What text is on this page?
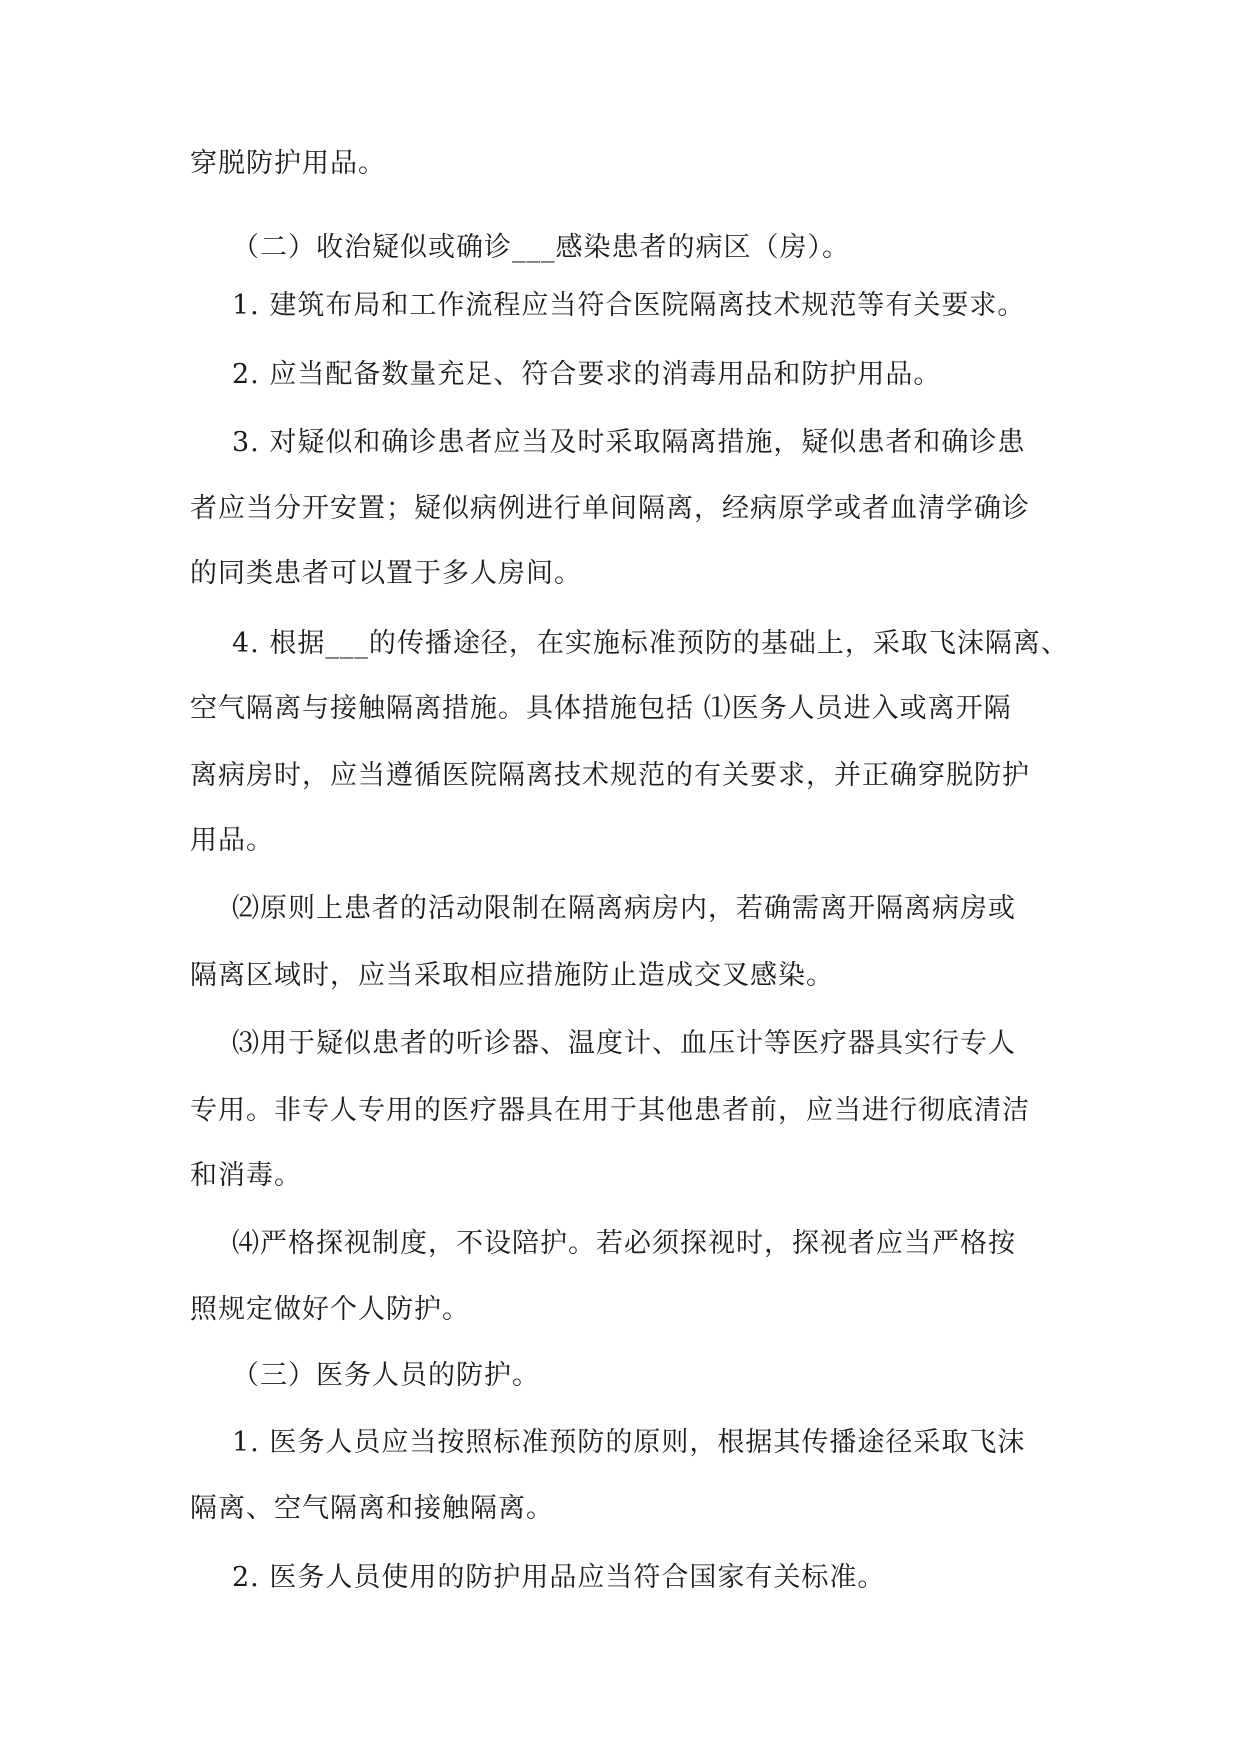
穿脱防护用品。
（二）收治疑似或确诊___感染患者的病区（房）。
1. 建筑布局和工作流程应当符合医院隔离技术规范等有关要求。
2. 应当配备数量充足、符合要求的消毒用品和防护用品。
3. 对疑似和确诊患者应当及时采取隔离措施，疑似患者和确诊患
者应当分开安置；疑似病例进行单间隔离，经病原学或者血清学确诊
的同类患者可以置于多人房间。
4. 根据___的传播途径，在实施标准预防的基础上，采取飞沫隔离、
空气隔离与接触隔离措施。具体措施包括 ⑴医务人员进入或离开隔
离病房时，应当遵循医院隔离技术规范的有关要求，并正确穿脱防护
用品。
⑵原则上患者的活动限制在隔离病房内，若确需离开隔离病房或
隔离区域时，应当采取相应措施防止造成交叉感染。
⑶用于疑似患者的听诊器、温度计、血压计等医疗器具实行专人
专用。非专人专用的医疗器具在用于其他患者前，应当进行彻底清洁
和消毒。
⑷严格探视制度，不设陪护。若必须探视时，探视者应当严格按
照规定做好个人防护。
（三）医务人员的防护。
1. 医务人员应当按照标准预防的原则，根据其传播途径采取飞沫
隔离、空气隔离和接触隔离。
2. 医务人员使用的防护用品应当符合国家有关标准。
